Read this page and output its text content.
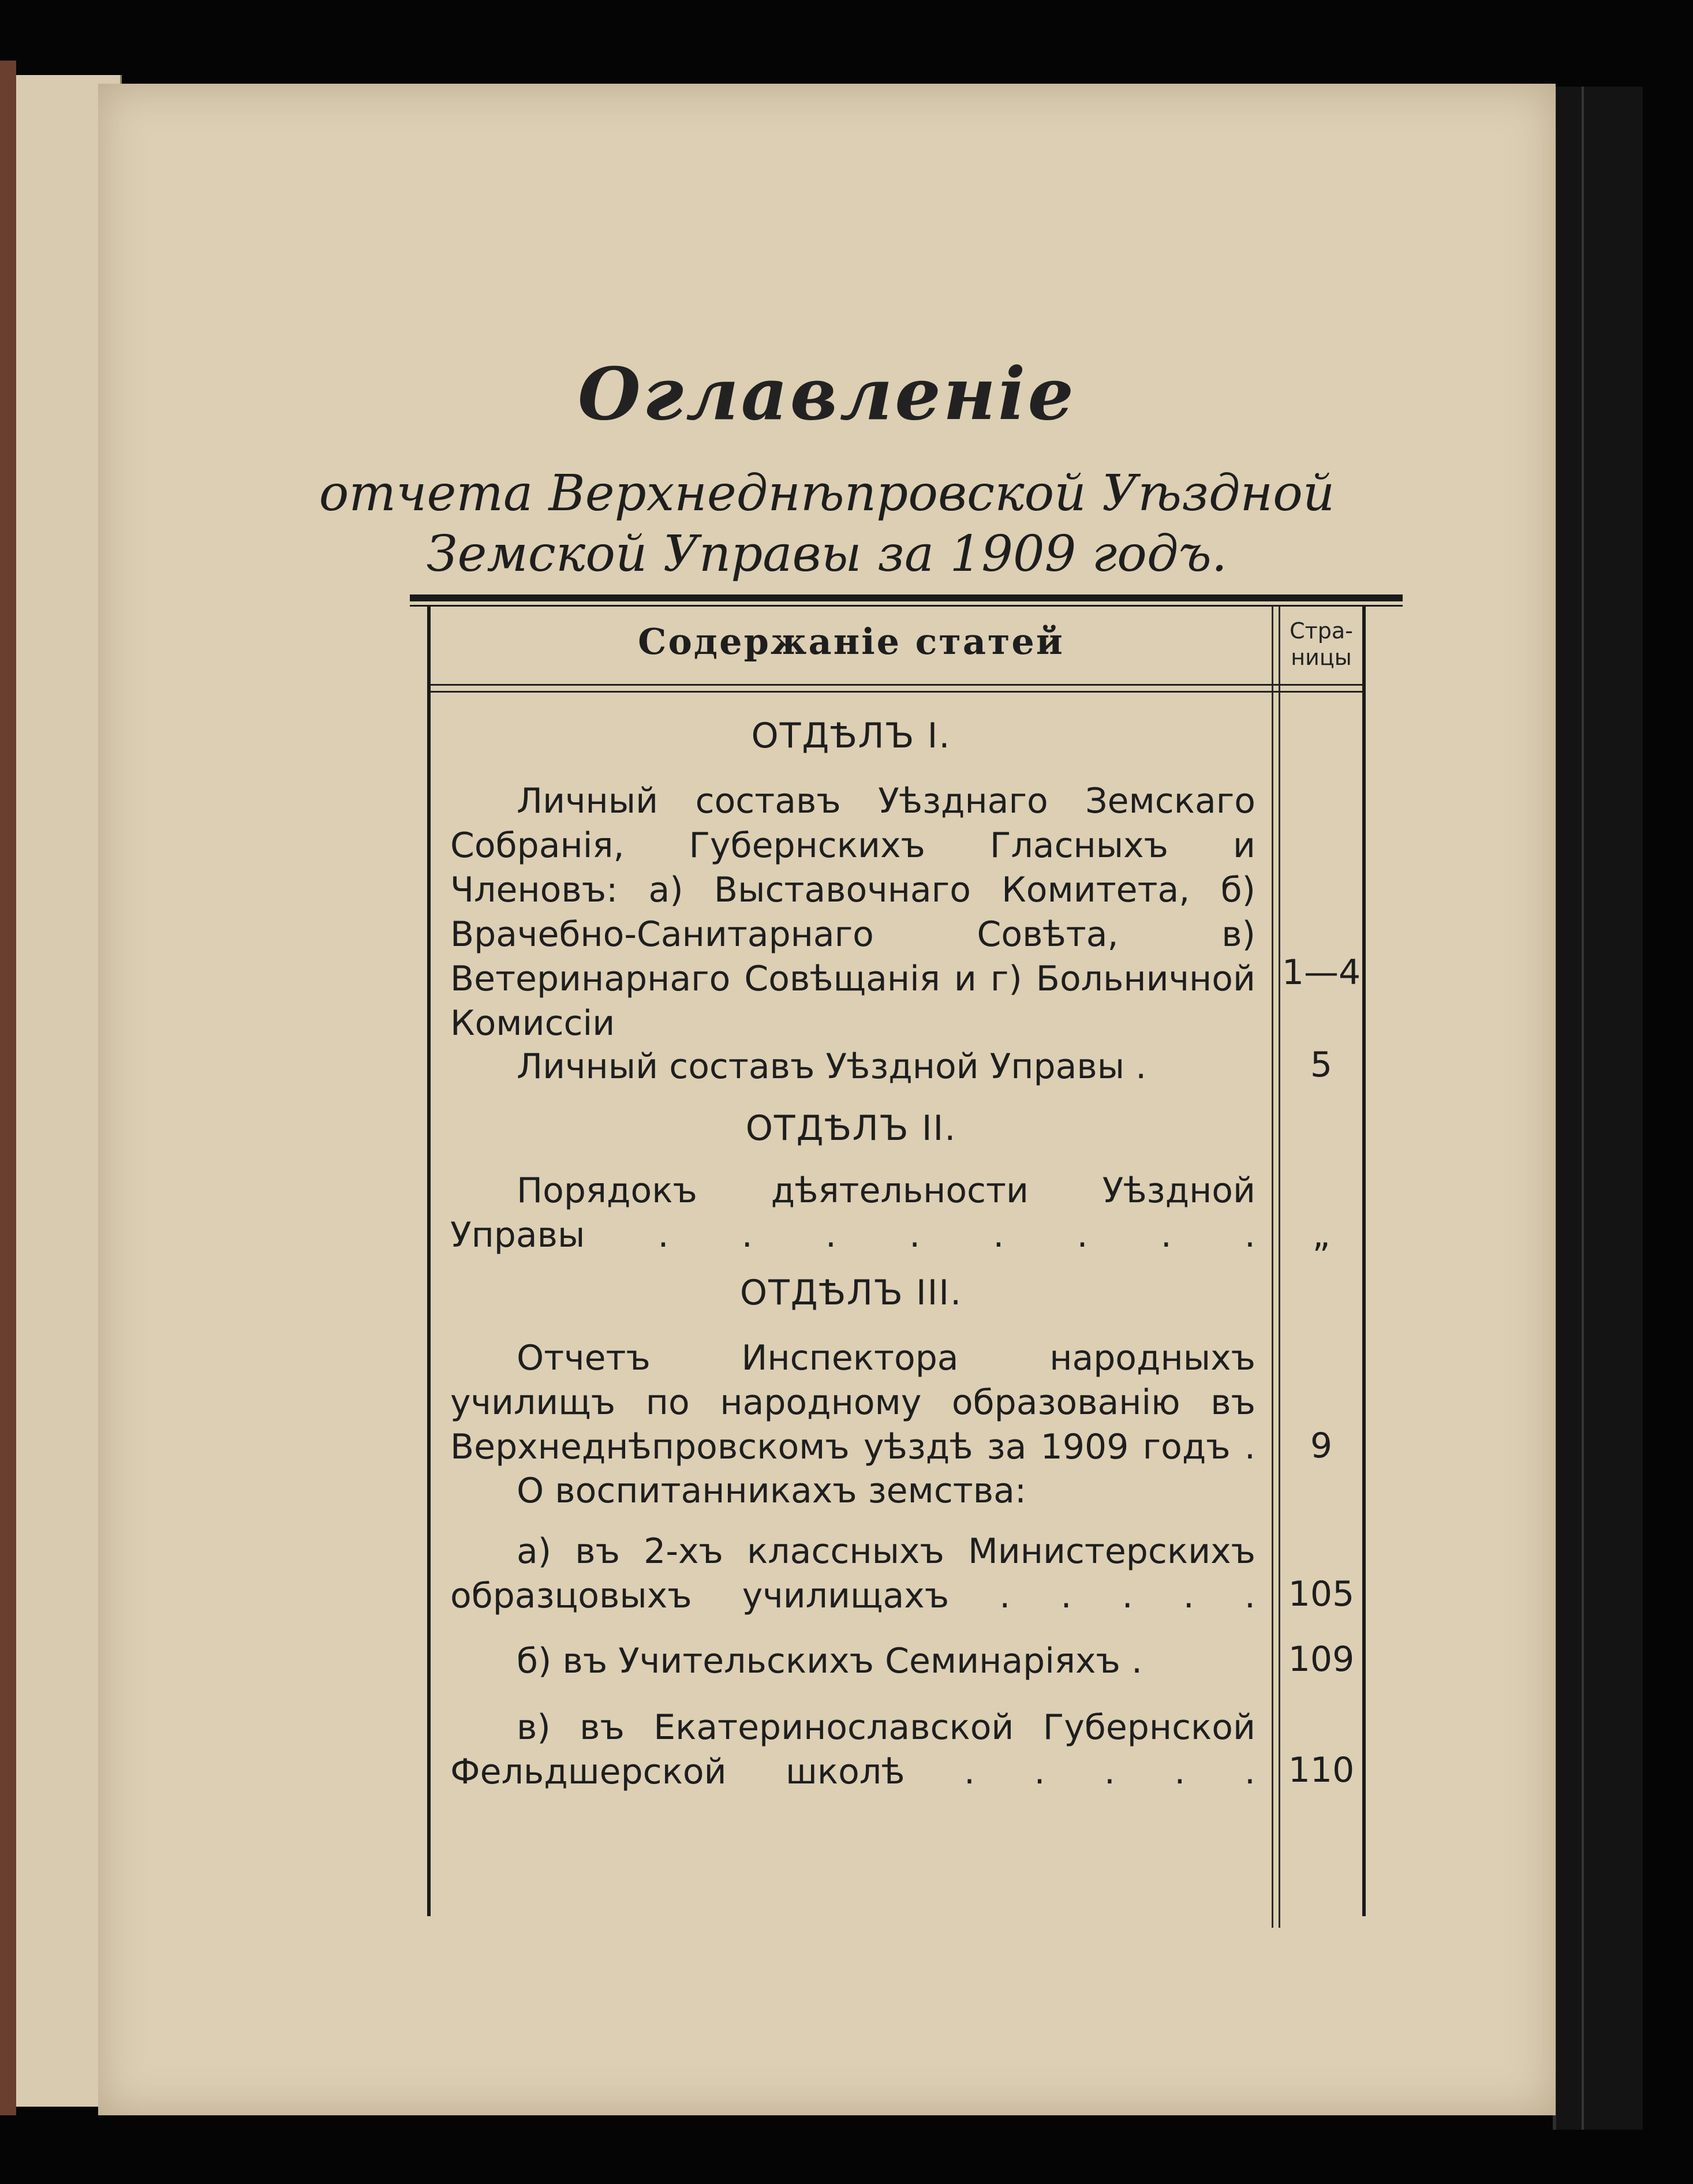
Оглавленіе
отчета Верхнеднѣпровской Уѣздной
Земской Управы за 1909 годъ.
Содержаніе статей	Стра-
ницы
ОТДѢЛЪ I.
Личный составъ Уѣзднаго Земскаго Собранія, Губернскихъ Гласныхъ и Членовъ: а) Выставочнаго Комитета, б) Врачебно-Санитарнаго Совѣта, в) Ветеринарнаго Совѣщанія и г) Больничной Комиссіи
1—4
Личный составъ Уѣздной Управы .	5
ОТДѢЛЪ II.
Порядокъ дѣятельности Уѣздной Управы . . . . . . . .	„
ОТДѢЛЪ III.
Отчетъ Инспектора народныхъ училищъ по народному образованію въ Верхнеднѣпровскомъ уѣздѣ за 1909 годъ .	9
О воспитанникахъ земства:
а) въ 2-хъ классныхъ Министерскихъ образцовыхъ училищахъ . . . . . 105
б) въ Учительскихъ Семинаріяхъ .	109
в) въ Екатеринославской Губернской Фельдшерской школѣ . . . . . 110
